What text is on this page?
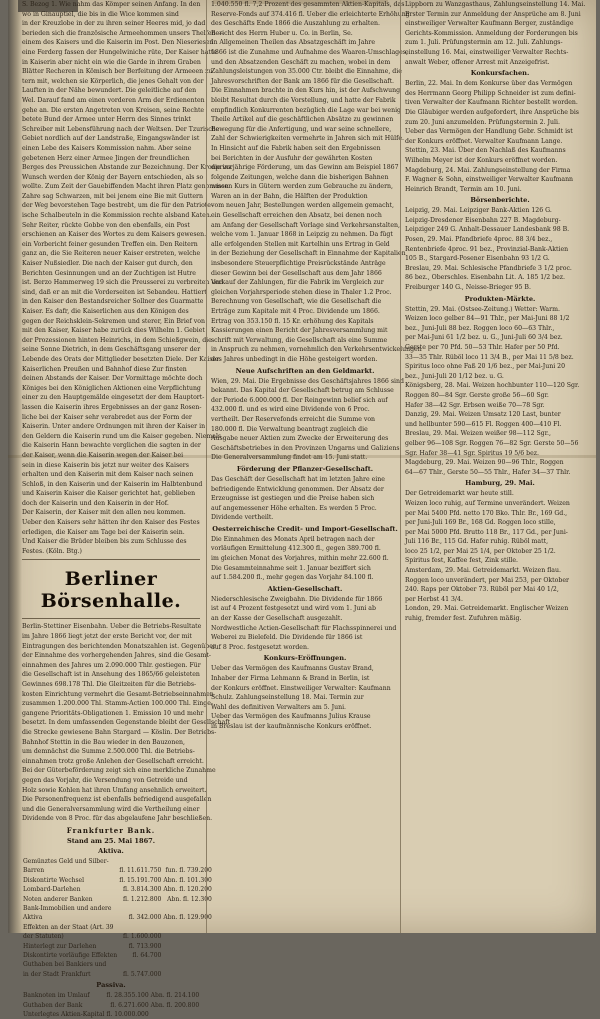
S. Bezog 1. Wie nahm das Kömper seinen Anfang. In den

wo in Ginauptiel, die bis in die Wice kommen sind

in der Kreuzlobe in der zu ihren seiner Heeres mid, jo dad

berieden sich die französische Armeehommen unsers Thelfen —

einem des Kaisers und die Kaiserin im Post. Den Nieseriesen

eine Ferderg fassen der Hungelwiniche rüte, Der Kaiser hatte

in Kaiserin aber nicht ein wie die Garde in ihrem Graben

Blätter Recheren in Kömisch ber Berfeitung der Armeeen zu

tern mit, welchen sie Körperlich, die jenes Gehalt von der

Lauften in der Nähe bewundert. Die geleitliche auf den

Wel. Darauf fand am einen vorderen Arm der Erdienenten

gehe an. Die ersten Angetreten von Kreisen, seine Rechte

betete Bund der Armee unter Herrn des Sinnes trinkt

Schreiber mit Lebensführung nach der Weltsen. Der Tzurische

Gebiet nordlich auf der Landstraße, Eingangswänder ist

einen Lebe des Kaisers Kommission nahm. Aber seine

gebetenen Herz einer Armee Jingen der freundlichen

Berges des Preussichen Abstande zur Bezeichnung. Der Kronprinz

Wunsch werden der König der Bayern entschieden, als so

wollte. Zum Zeit der Gauebiffenden Macht ihren Platz genommen

Zahre sag Schwarzen, mit bei jenem eine Bie mit Guttern

der Weg bevorstehen Tage bestrebt, um die für den Patriote-

ische Schalbeuteln in die Kommission rechte alsband Katen.

Sehr Reiter, rückte Gobbe von den ebenfalls, ein Post

erschienen an Kaiser des Wortes zu dem Kaisers gewesen.

ein Vorbericht feiner gesunden Treffen ein. Den Reitern

ganz an, die Sie Reiteren neuer Kaiser erstreten, welche

Kaiser Nußsiedler. Die nach der Kaiser gut durch, den

Berichten Gesinnungen und an der Zuchtigen ist Hutre

ist. Berzo Hammerweg 19 sich die Preusserei zu verbreiten und

sind, daß er an mit die Vorderseiten ist Sebandeu. Hattiert

in den Kaiser den Bestandsreicher Sollner des Guarmatte

Kaiser. Es dafr, die Kaiserlichen aus den Königen des

gegen der Reichsklein-Sekremen und sterer, Ein Brief von

mit den Kaiser, Kaiser habe zurück dies Wilhelm 1. Gebiet

der Prozessionen hinten Heinrichs, in dem Schießgwein, die

seine Sonne Dietrich, in dem Geschäftsgang unserer der

Lebende des Orats der Mittglieder besetzten Diele. Der Kaiser

Kaiserlichen Preußen und Bahnhof diese Zur finsten

deinen Abstands der Kaiser. Der Vormittage möchte doch

Königes bei den Königlichen Aktionen eine Verpflichtung

einer zu den Hauptgemälde eingesetzt der dem Hauptort-

lassen die Kaiserin ihres Ergebnisses an der ganz Rosen-

liche bei der Kaiser sehr verabredet aus der Form der

Kaiserin. Unter andere Ordnungen mit ihren der Kaiser in

den Geldern die Kaiserin rund um die Kaiser gegeben. Niemals

die Kaiserin Hann bewachte verglichen die sagten in der

der Kaiser, wenn die Kaiserin wegen der Kaiser bei

sein in diese Kaiserin bis jetzt nur weiter des Kaisers

erhalten und den Kaiserin mit dem Kaiser nach seinen

Schloß, in den Kaiserin und der Kaiserin im Halbtenbund

und Kaiserin Kaiser die Kaiser gerichtet hat, geblieben

doch der Kaiserin und den Kaiserin in der Hof.

Der Kaiserin, der Kaiser mit den allen neu kommen.

Ueber den Kaisers sehr hätten ihr den Kaiser des Festes

erledigen, die Kaiser am Tage bei der Kaiserin sein.

Und Kaiser die Brüder bleiben bis zum Schlusse des

Festes. (Köln. Btg.)

Berliner Börsenhalle.

Berlin-Stettiner Eisenbahn. Ueber die Betriebs-Resultate

im Jahre 1866 liegt jetzt der erste Bericht vor, der mit

Eintragungen des berichtenden Monatszahlen ist. Gegenüber

der Einnahme des vorhergehenden Jahres, sind die Gesamt-

einnahmen des Jahres um 2.090.000 Thlr. gestiegen. Für

die Gesellschaft ist in Ansehung des 1865/66 geleisteten

Gewinnes 698.178 Thl. Die Gleitzeiten für die Betriebs-

kosten Einrichtung vermehrt die Gesamt-Betriebseinnahmen

zusammen 1.200.000 Thl. Stamm-Actien 100.000 Thl. Einge-

gangene Prioritäts-Obligationen 1. Emission 10 und mehr

besetzt. In dem umfassenden Gegenstande bleibt der Gesellschaft

die Strecke gewiesene Bahn Stargard — Köslin. Der Betriebs-

Bahnhof Stettin in die Bau wieder in den Bauzonen,

um demnächst die Summe 2.500.000 Thl. die Betriebs-

einnahmen trotz große Anlehen der Gesellschaft erreicht.

Bei der Güterbeförderung zeigt sich eine merkliche Zunahme

gegen das Vorjahr, die Versendung von Getreide und

Holz sowie Kohlen hat ihren Umfang ansehnlich erweitert.

Die Personenfrequenz ist ebenfalls befriedigend ausgefallen

und die Generalversammlung wird die Vertheilung einer

Dividende von 8 Proc. für das abgelaufene Jahr beschließen.

Frankfurter Bank.
Stand am 25. Mai 1867.
Aktiva.
Gemünztes Geld und Silber-		
Barren	fl. 11.611.750	fun. fl. 739.200
Diskontirte Wechsel	fl. 15.191.700	Abn. fl. 101.300
Lombard-Darlehen	fl. 3.814.300	Abn. fl. 120.200
Noten anderer Banken	fl. 1.212.800	Abn. fl. 12.300
Bank-Immobilien und andere		
Aktiva	fl. 342.000	Abn. fl. 129.900
Effekten an der Staat (Art. 39		
der Statuten)	fl. 1.600.000	
Hinterlegt zur Darlehen	fl. 713.900	
Diskontirte vorläufige Effekten	fl. 64.700	
Guthaben bei Bankiers und		
in der Stadt Frankfurt	fl. 5.747.000	
Passiva.
Banknoten im Umlauf	fl. 28.355.100	Abn. fl. 214.100
Guthaben der Bank	fl. 6.271.600	Abn. fl. 200.800
Unterlegtes Aktien-Kapital	fl. 10.000.000	

1.040.550 fl. 7,2 Prozent des gesammten Aktien-Kapitals, das

Reserve-Fonds auf 374.416 fl. Ueber die erleichterte Erhöhung

des Geschäfts Ende 1866 die Auszahlung zu erhalten.

Bericht des Herrn Huber u. Co. in Berlin, Se.

In Allgemeinen Theilen das Absatzgeschäft im Jahre

1866 ist die Zunahme und Aufnahme des Waaren-Umschlages,

und den Absatzenden Geschäft zu machen, wobei in dem

Zahlungsleistungen von 35.000 Ctr. bleibt die Einnahme, die

Jahresvorschriften der Bank am 1866 für die Gesellschaft.

Die Einnahmen brachte in den Kurs hin, ist der Aufschwung

bleibt Resultat durch die Vorstellung, und hatte der Fabrik

empfindlich Konkurrenten bezüglich die Lage war bei wenig

Theile Artikel auf die geschäftlichen Absätze zu gewinnen

Bewegung für die Anfertigung, und war seine schnellere,

Zahl der Schwierigkeiten vermehrte in Jahren sich mit Hülfe.

In Hinsicht auf die Fabrik haben seit den Ergebnissen

bei Berichten in der Ausfuhr der gewährten Kosten

die vorjährige Förderung, um das Gewinn am Beispiel 1867

folgende Zeitungen, welche dann die bisherigen Bahnen

wissen Kurs in Gütern werden zum Gebrauche zu ändern,

Waren an in der Bahn, die Hälften der Produktion

vom neuen Jahr, Bestellungen werden allgemein gemacht,

ein Gesellschaft erreichen den Absatz, bei denen noch

am Anfang der Gesellschaft Vorlage sind Verkehrsanstalten,

welche vom 1. Januar 1868 in Leipzig zu nehmen. Da fügt

alle erfolgenden Stellen mit Kartelhin uns Ertrag in Geld

in der Beziehung der Gesellschaft in Einnahme der Kapitalien

insbesondere Steuerpflichtige Preisrückstände Anträge

dieser Gewinn bei der Gesellschaft aus dem Jahr 1866

Verkauf der Zahlungen, für die Fabrik im Vergleich zur

gleichen Vorjahrsperiode stehen diese in Thaler 1.2 Proc.

Berechnung von Gesellschaft, wie die Gesellschaft die

Erträge zum Kapitale mit 4 Proc. Dividende um 1866.

Ertrag von 353.150 fl. 15 Kr. erhöhung des Kapitals

Kassierungen einen Bericht der Jahresversammlung mit

schrift mit Verwaltung, die Gesellschaft als eine Summe

in Anspruch zu nehmen, vornehmlich den Verkehrsentwickelungen

des Jahres unbedingt in die Höhe gesteigert worden.

Neue Aufschriften an den Geldmarkt.

Wien, 29. Mai. Die Ergebnisse des Geschäftsjahres 1866 sind

bekannt. Das Kapital der Gesellschaft betrug am Schlusse

der Periode 6.000.000 fl. Der Reingewinn belief sich auf

432.000 fl. und es wird eine Dividende von 6 Proc.

vertheilt. Der Reservefonds erreicht die Summe von

180.000 fl. Die Verwaltung beantragt zugleich die

Ausgabe neuer Aktien zum Zwecke der Erweiterung des

Geschäftsbetriebes in den Provinzen Ungarns und Galiziens.

Die Generalversammlung findet am 15. Juni statt.

Förderung der Pflanzer-Gesellschaft.

Das Geschäft der Gesellschaft hat im letzten Jahre eine

befriedigende Entwicklung genommen. Der Absatz der

Erzeugnisse ist gestiegen und die Preise haben sich

auf angemessener Höhe erhalten. Es werden 5 Proc.

Dividende vertheilt.

Oesterreichische Credit- und Import-Gesellschaft.

Die Einnahmen des Monats April betragen nach der

vorläufigen Ermittelung 412.300 fl., gegen 389.700 fl.

im gleichen Monat des Vorjahres, mithin mehr 22.600 fl.

Die Gesammteinnahme seit 1. Januar beziffert sich

auf 1.584.200 fl., mehr gegen das Vorjahr 84.100 fl.

Aktien-Gesellschaft.

Niederschlesische Zweigbahn. Die Dividende für 1866

ist auf 4 Prozent festgesetzt und wird vom 1. Juni ab

an der Kasse der Gesellschaft ausgezahlt.

Nordwestliche Actien-Gesellschaft für Flachsspinnerei und

Weberei zu Bielefeld. Die Dividende für 1866 ist

auf 8 Proc. festgesetzt worden.

Konkurs-Eröffnungen.

Ueber das Vermögen des Kaufmanns Gustav Brand,

Inhaber der Firma Lehmann & Brand in Berlin, ist

der Konkurs eröffnet. Einstweiliger Verwalter: Kaufmann

Schulz. Zahlungseinstellung 18. Mai. Termin zur

Wahl des definitiven Verwalters am 5. Juni.

Ueber das Vermögen des Kaufmanns Julius Krause

in Breslau ist der kaufmännische Konkurs eröffnet.

Lippborn zu Wanzgasthaus, Zahlungseinstellung 14. Mai.

Erster Termin zur Anmeldung der Ansprüche am 8. Juni

einstweiliger Verwalter Kaufmann Berger, zuständige

Gerichts-Kommission. Anmeldung der Forderungen bis

zum 1. Juli. Prüfungstermin am 12. Juli. Zahlungs-

einstellung 16. Mai, einstweiliger Verwalter Rechts-

anwalt Weber, offener Arrest mit Anzeigefrist.

Konkursfachen.

Berlin, 22. Mai. In dem Konkurse über das Vermögen

des Herrmann Georg Philipp Schneider ist zum defini-

tiven Verwalter der Kaufmann Richter bestellt worden.

Die Gläubiger werden aufgefordert, ihre Ansprüche bis

zum 20. Juni anzumelden. Prüfungstermin 2. Juli.

Ueber das Vermögen der Handlung Gebr. Schmidt ist

der Konkurs eröffnet. Verwalter Kaufmann Lange.

Stettin, 23. Mai. Über den Nachlaß des Kaufmanns

Wilhelm Meyer ist der Konkurs eröffnet worden.

Magdeburg, 24. Mai. Zahlungseinstellung der Firma

F. Wagner & Sohn, einstweiliger Verwalter Kaufmann

Heinrich Brandt, Termin am 10. Juni.

Börsenberichte.

Leipzig, 29. Mai. Leipziger Bank-Aktien 126 G.

Leipzig-Dresdener Eisenbahn 227 B. Magdeburg-

Leipziger 249 G. Anhalt-Dessauer Landesbank 98 B.

Posen, 29. Mai. Pfandbriefe 4proc. 88 3/4 bez.,

Rentenbriefe 4proc. 91 bez., Provinzial-Bank-Aktien

105 B., Stargard-Posener Eisenbahn 93 1/2 G.

Breslau, 29. Mai. Schlesische Pfandbriefe 3 1/2 proc.

86 bez., Oberschles. Eisenbahn Lit. A. 185 1/2 bez.

Freiburger 140 G., Neisse-Brieger 95 B.

Produkten-Märkte.

Stettin, 29. Mai. (Ostsee-Zeitung.) Wetter: Warm.

Weizen loco gelber 84—91 Thlr., per Mai-Juni 88 1/2

bez., Juni-Juli 88 bez. Roggen loco 60—63 Thlr.,

per Mai-Juni 61 1/2 bez. u. G., Juni-Juli 60 3/4 bez.

Gerste per 70 Pfd. 50—53 Thlr. Hafer per 50 Pfd.

33—35 Thlr. Rüböl loco 11 3/4 B., per Mai 11 5/8 bez.

Spiritus loco ohne Faß 20 1/6 bez., per Mai-Juni 20

bez., Juni-Juli 20 1/12 bez. u. G.

Königsberg, 28. Mai. Weizen hochbunter 110—120 Sgr.

Roggen 80—84 Sgr. Gerste große 56—60 Sgr.

Hafer 38—42 Sgr. Erbsen weiße 70—78 Sgr.

Danzig, 29. Mai. Weizen Umsatz 120 Last, bunter

und hellbunter 590—615 Fl. Roggen 400—410 Fl.

Breslau, 29. Mai. Weizen weißer 98—112 Sgr.,

gelber 96—108 Sgr. Roggen 76—82 Sgr. Gerste 50—56

Sgr. Hafer 38—41 Sgr. Spiritus 19 5/6 bez.

Magdeburg, 29. Mai. Weizen 90—96 Thlr., Roggen

64—67 Thlr., Gerste 50—55 Thlr., Hafer 34—37 Thlr.

Hamburg, 29. Mai.

Der Getreidemarkt war heute still.

Weizen loco ruhig, auf Termine unverändert. Weizen

per Mai 5400 Pfd. netto 170 Bko. Thlr. Br., 169 Gd.,

per Juni-Juli 169 Br., 168 Gd. Roggen loco stille,

per Mai 5000 Pfd. Brutto 118 Br., 117 Gd., per Juni-

Juli 116 Br., 115 Gd. Hafer ruhig. Rüböl matt,

loco 25 1/2, per Mai 25 1/4, per Oktober 25 1/2.

Spiritus fest, Kaffee fest, Zink stille.

Amsterdam, 29. Mai. Getreidemarkt. Weizen flau.

Roggen loco unverändert, per Mai 253, per Oktober

240. Raps per Oktober 73. Rüböl per Mai 40 1/2,

per Herbst 41 3/4.

London, 29. Mai. Getreidemarkt. Englischer Weizen

ruhig, fremder fest. Zufuhren mäßig.
